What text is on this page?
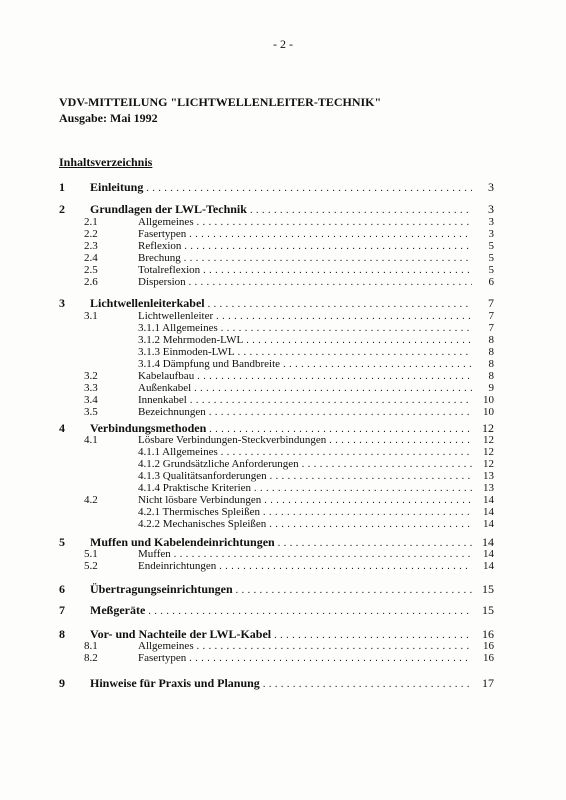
- 2 -
VDV-MITTEILUNG "LICHTWELLENLEITER-TECHNIK"
Ausgabe: Mai 1992
Inhaltsverzeichnis
1 Einleitung . . .	3
2 Grundlagen der LWL-Technik . . .	3
2.1	Allgemeines . . .	3
2.2	Fasertypen . . .	3
2.3	Reflexion . . .	5
2.4	Brechung . . .	5
2.5	Totalreflexion . . .	5
2.6	Dispersion . . .	6
3 Lichtwellenleiterkabel . . .	7
3.1	Lichtwellenleiter . . .	7
3.1.1 Allgemeines . . .	7
3.1.2 Mehrmoden-LWL . . .	8
3.1.3 Einmoden-LWL . . .	8
3.1.4 Dämpfung und Bandbreite . . .	8
3.2	Kabelaufbau . . .	8
3.3	Außenkabel . . .	9
3.4	Innenkabel . . .	10
3.5	Bezeichnungen . . .	10
4 Verbindungsmethoden . . .	12
4.1	Lösbare Verbindungen-Steckverbindungen . . .	12
4.1.1 Allgemeines . . .	12
4.1.2 Grundsätzliche Anforderungen . . .	12
4.1.3 Qualitätsanforderungen . . .	13
4.1.4 Praktische Kriterien . . .	13
4.2	Nicht lösbare Verbindungen . . .	14
4.2.1 Thermisches Spleißen . . .	14
4.2.2 Mechanisches Spleißen . . .	14
5 Muffen und Kabelendeinrichtungen . . .	14
5.1	Muffen . . .	14
5.2	Endeinrichtungen . . .	14
6 Übertragungseinrichtungen . . .	15
7 Meßgeräte . . .	15
8 Vor- und Nachteile der LWL-Kabel . . .	16
8.1	Allgemeines . . .	16
8.2	Fasertypen . . .	16
9 Hinweise für Praxis und Planung . . .	17
